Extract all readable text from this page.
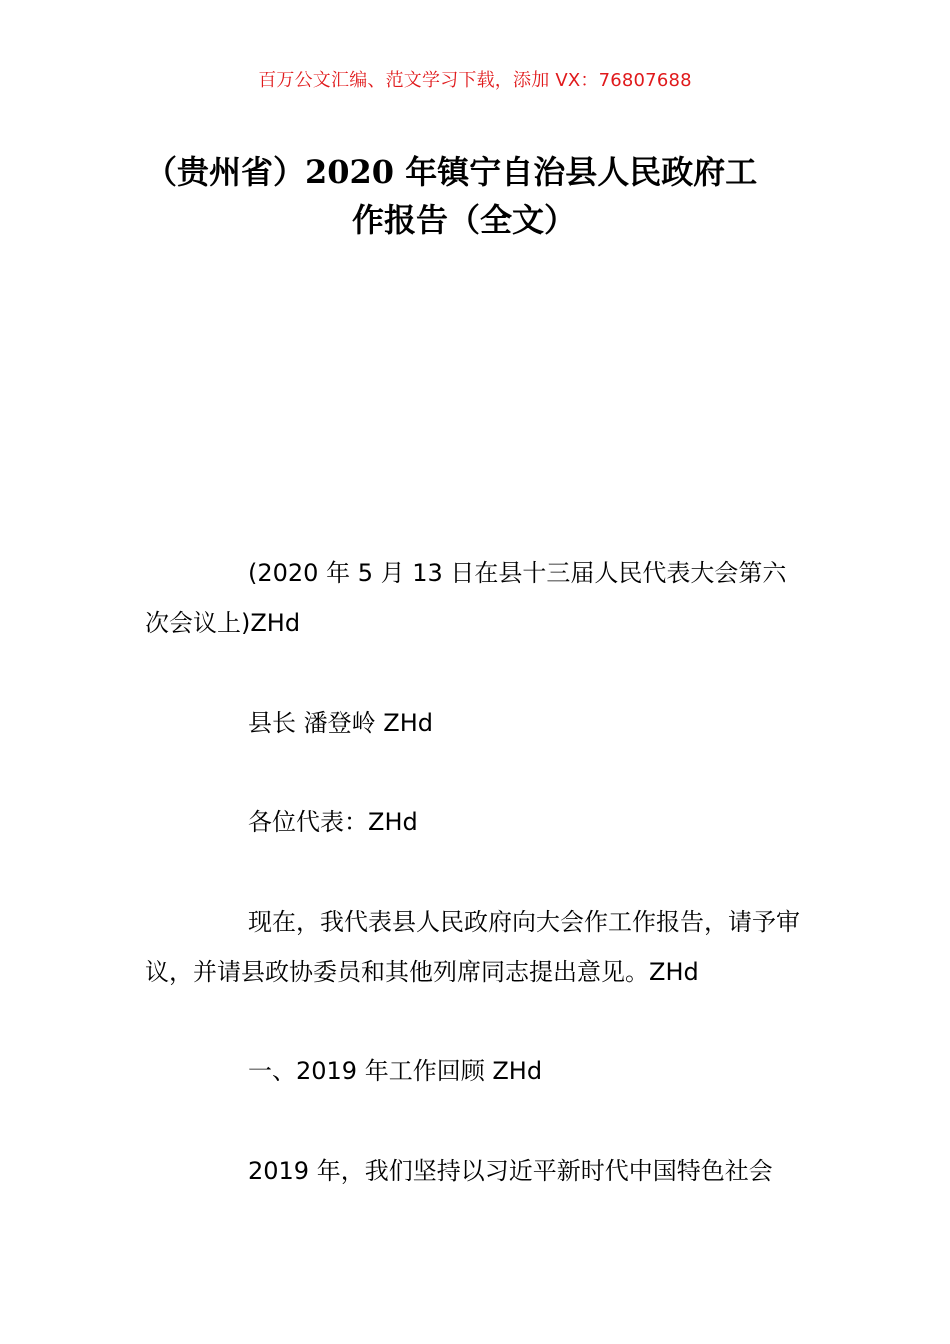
百万公文汇编、范文学习下载，添加 VX：76807688
（贵州省）2020 年镇宁自治县人民政府工
作报告（全文）

(2020 年 5 月 13 日在县十三届人民代表大会第六次会议上)ZHd

县长 潘登岭 ZHd

各位代表：ZHd

现在，我代表县人民政府向大会作工作报告，请予审议，并请县政协委员和其他列席同志提出意见。ZHd

一、2019 年工作回顾 ZHd

2019 年，我们坚持以习近平新时代中国特色社会
